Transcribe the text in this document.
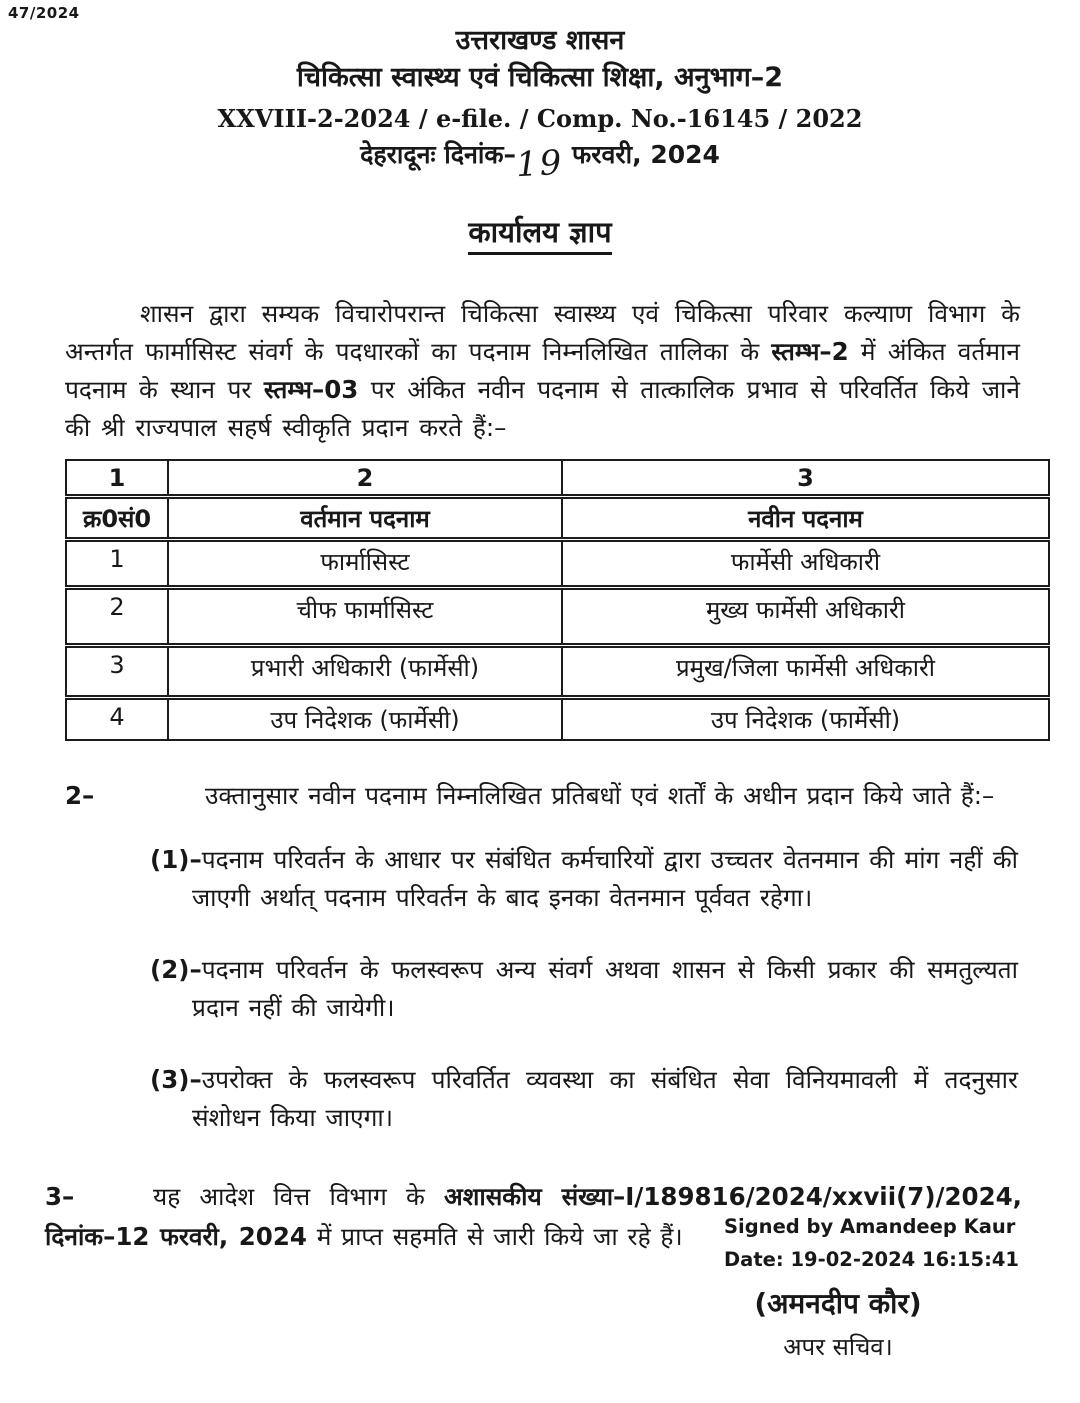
47/2024
उत्तराखण्ड शासन
चिकित्सा स्वास्थ्य एवं चिकित्सा शिक्षा, अनुभाग–2
XXVIII-2-2024 / e-file. / Comp. No.-16145 / 2022
देहरादूनः दिनांक–19 फरवरी, 2024
कार्यालय ज्ञाप

शासन द्वारा सम्यक विचारोपरान्त चिकित्सा स्वास्थ्य एवं चिकित्सा परिवार कल्याण विभाग के अन्तर्गत फार्मासिस्ट संवर्ग के पदधारकों का पदनाम निम्नलिखित तालिका के स्तम्भ–2 में अंकित वर्तमान पदनाम के स्थान पर स्तम्भ–03 पर अंकित नवीन पदनाम से तात्कालिक प्रभाव से परिवर्तित किये जाने की श्री राज्यपाल सहर्ष स्वीकृति प्रदान करते हैं:–

1	2	3
क्र0सं0	वर्तमान पदनाम	नवीन पदनाम
1	फार्मासिस्ट	फार्मेसी अधिकारी
2	चीफ फार्मासिस्ट	मुख्य फार्मेसी अधिकारी
3	प्रभारी अधिकारी (फार्मेसी)	प्रमुख/जिला फार्मेसी अधिकारी
4	उप निदेशक (फार्मेसी)	उप निदेशक (फार्मेसी)
2–	उक्तानुसार नवीन पदनाम निम्नलिखित प्रतिबधों एवं शर्तों के अधीन प्रदान किये जाते हैं:–
(1)–पदनाम परिवर्तन के आधार पर संबंधित कर्मचारियों द्वारा उच्चतर वेतनमान की मांग नहीं की जाएगी अर्थात् पदनाम परिवर्तन के बाद इनका वेतनमान पूर्ववत रहेगा।
(2)–पदनाम परिवर्तन के फलस्वरूप अन्य संवर्ग अथवा शासन से किसी प्रकार की समतुल्यता प्रदान नहीं की जायेगी।
(3)–उपरोक्त के फलस्वरूप परिवर्तित व्यवस्था का संबंधित सेवा विनियमावली में तदनुसार संशोधन किया जाएगा।

3–	यह आदेश वित्त विभाग के अशासकीय संख्या–I/189816/2024/xxvii(7)/2024, दिनांक–12 फरवरी, 2024 में प्राप्त सहमति से जारी किये जा रहे हैं।	Signed by Amandeep Kaur
Date: 19-02-2024 16:15:41
(अमनदीप कौर)
अपर सचिव।
